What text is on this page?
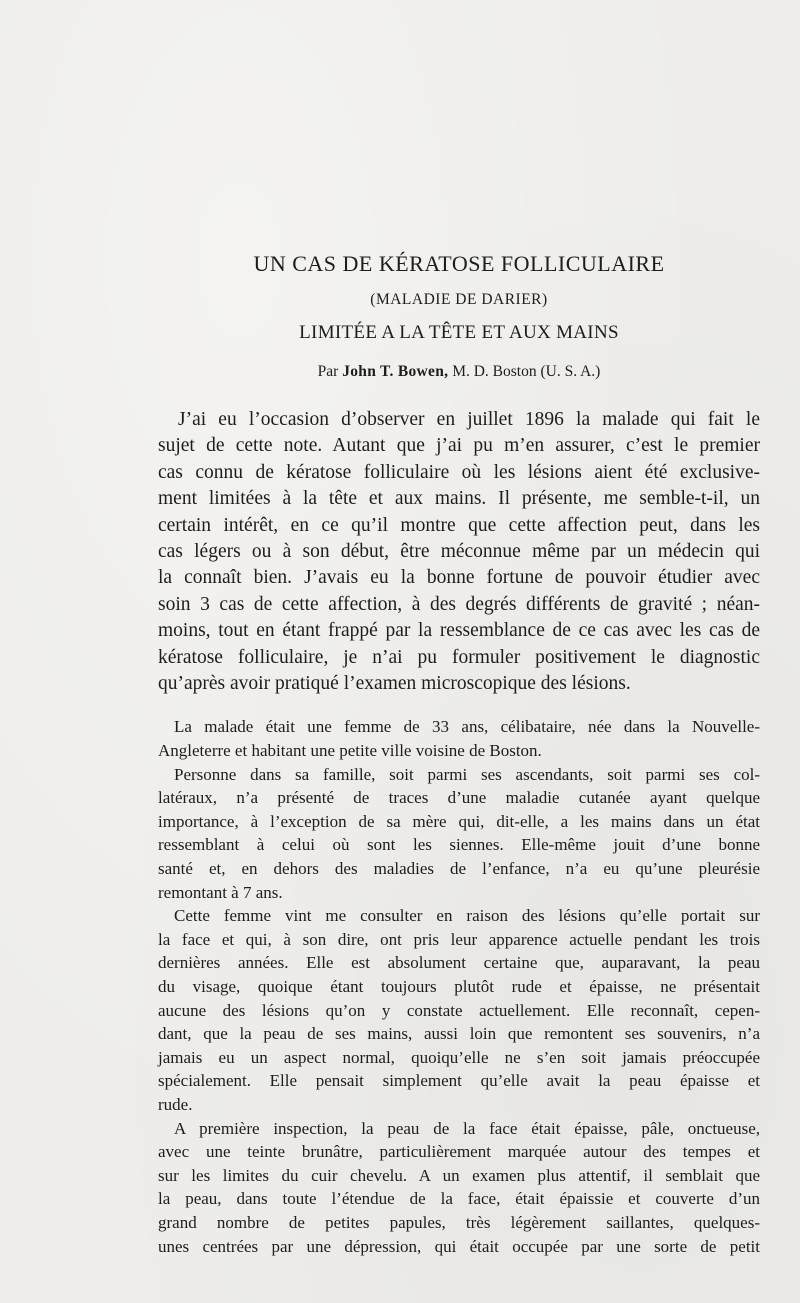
UN CAS DE KÉRATOSE FOLLICULAIRE
(MALADIE DE DARIER)
LIMITÉE A LA TÊTE ET AUX MAINS
Par John T. Bowen, M. D. Boston (U. S. A.)
J’ai eu l’occasion d’observer en juillet 1896 la malade qui fait le
sujet de cette note. Autant que j’ai pu m’en assurer, c’est le premier
cas connu de kératose folliculaire où les lésions aient été exclusive-
ment limitées à la tête et aux mains. Il présente, me semble-t-il, un
certain intérêt, en ce qu’il montre que cette affection peut, dans les
cas légers ou à son début, être méconnue même par un médecin qui
la connaît bien. J’avais eu la bonne fortune de pouvoir étudier avec
soin 3 cas de cette affection, à des degrés différents de gravité ; néan-
moins, tout en étant frappé par la ressemblance de ce cas avec les cas de
kératose folliculaire, je n’ai pu formuler positivement le diagnostic
qu’après avoir pratiqué l’examen microscopique des lésions.
La malade était une femme de 33 ans, célibataire, née dans la Nouvelle-
Angleterre et habitant une petite ville voisine de Boston.
Personne dans sa famille, soit parmi ses ascendants, soit parmi ses col-
latéraux, n’a présenté de traces d’une maladie cutanée ayant quelque
importance, à l’exception de sa mère qui, dit-elle, a les mains dans un état
ressemblant à celui où sont les siennes. Elle-même jouit d’une bonne
santé et, en dehors des maladies de l’enfance, n’a eu qu’une pleurésie
remontant à 7 ans.
Cette femme vint me consulter en raison des lésions qu’elle portait sur
la face et qui, à son dire, ont pris leur apparence actuelle pendant les trois
dernières années. Elle est absolument certaine que, auparavant, la peau
du visage, quoique étant toujours plutôt rude et épaisse, ne présentait
aucune des lésions qu’on y constate actuellement. Elle reconnaît, cepen-
dant, que la peau de ses mains, aussi loin que remontent ses souvenirs, n’a
jamais eu un aspect normal, quoiqu’elle ne s’en soit jamais préoccupée
spécialement. Elle pensait simplement qu’elle avait la peau épaisse et
rude.
A première inspection, la peau de la face était épaisse, pâle, onctueuse,
avec une teinte brunâtre, particulièrement marquée autour des tempes et
sur les limites du cuir chevelu. A un examen plus attentif, il semblait que
la peau, dans toute l’étendue de la face, était épaissie et couverte d’un
grand nombre de petites papules, très légèrement saillantes, quelques-
unes centrées par une dépression, qui était occupée par une sorte de petit
